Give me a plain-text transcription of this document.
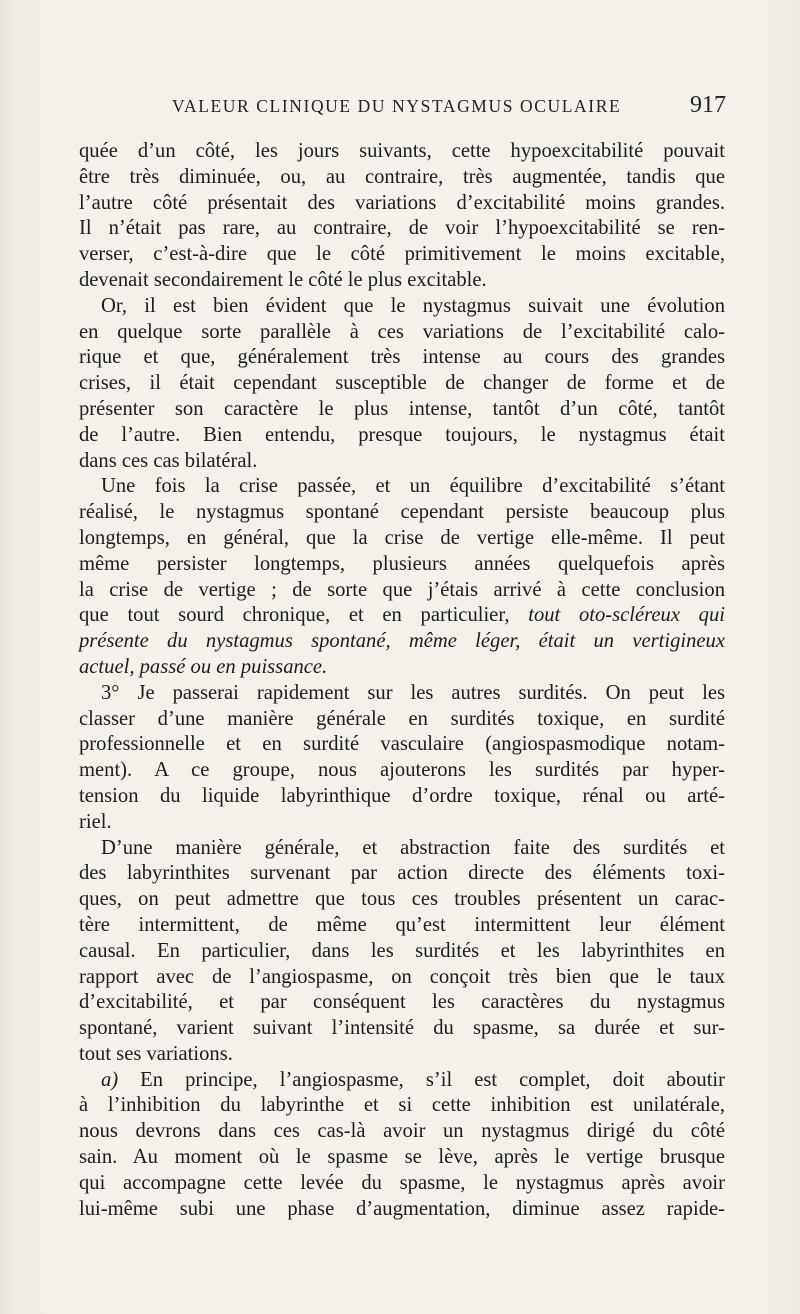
VALEUR CLINIQUE DU NYSTAGMUS OCULAIRE	917

quée d’un côté, les jours suivants, cette hypoexcitabilité pouvait
être très diminuée, ou, au contraire, très augmentée, tandis que
l’autre côté présentait des variations d’excitabilité moins grandes.
Il n’était pas rare, au contraire, de voir l’hypoexcitabilité se ren-
verser, c’est-à-dire que le côté primitivement le moins excitable,
devenait secondairement le côté le plus excitable.

Or, il est bien évident que le nystagmus suivait une évolution
en quelque sorte parallèle à ces variations de l’excitabilité calo-
rique et que, généralement très intense au cours des grandes
crises, il était cependant susceptible de changer de forme et de
présenter son caractère le plus intense, tantôt d’un côté, tantôt
de l’autre. Bien entendu, presque toujours, le nystagmus était
dans ces cas bilatéral.

Une fois la crise passée, et un équilibre d’excitabilité s’étant
réalisé, le nystagmus spontané cependant persiste beaucoup plus
longtemps, en général, que la crise de vertige elle-même. Il peut
même persister longtemps, plusieurs années quelquefois après
la crise de vertige ; de sorte que j’étais arrivé à cette conclusion
que tout sourd chronique, et en particulier, tout oto-scléreux qui
présente du nystagmus spontané, même léger, était un vertigineux
actuel, passé ou en puissance.

3° Je passerai rapidement sur les autres surdités. On peut les
classer d’une manière générale en surdités toxique, en surdité
professionnelle et en surdité vasculaire (angiospasmodique notam-
ment). A ce groupe, nous ajouterons les surdités par hyper-
tension du liquide labyrinthique d’ordre toxique, rénal ou arté-
riel.

D’une manière générale, et abstraction faite des surdités et
des labyrinthites survenant par action directe des éléments toxi-
ques, on peut admettre que tous ces troubles présentent un carac-
tère intermittent, de même qu’est intermittent leur élément
causal. En particulier, dans les surdités et les labyrinthites en
rapport avec de l’angiospasme, on conçoit très bien que le taux
d’excitabilité, et par conséquent les caractères du nystagmus
spontané, varient suivant l’intensité du spasme, sa durée et sur-
tout ses variations.

a) En principe, l’angiospasme, s’il est complet, doit aboutir
à l’inhibition du labyrinthe et si cette inhibition est unilatérale,
nous devrons dans ces cas-là avoir un nystagmus dirigé du côté
sain. Au moment où le spasme se lève, après le vertige brusque
qui accompagne cette levée du spasme, le nystagmus après avoir
lui-même subi une phase d’augmentation, diminue assez rapide-
